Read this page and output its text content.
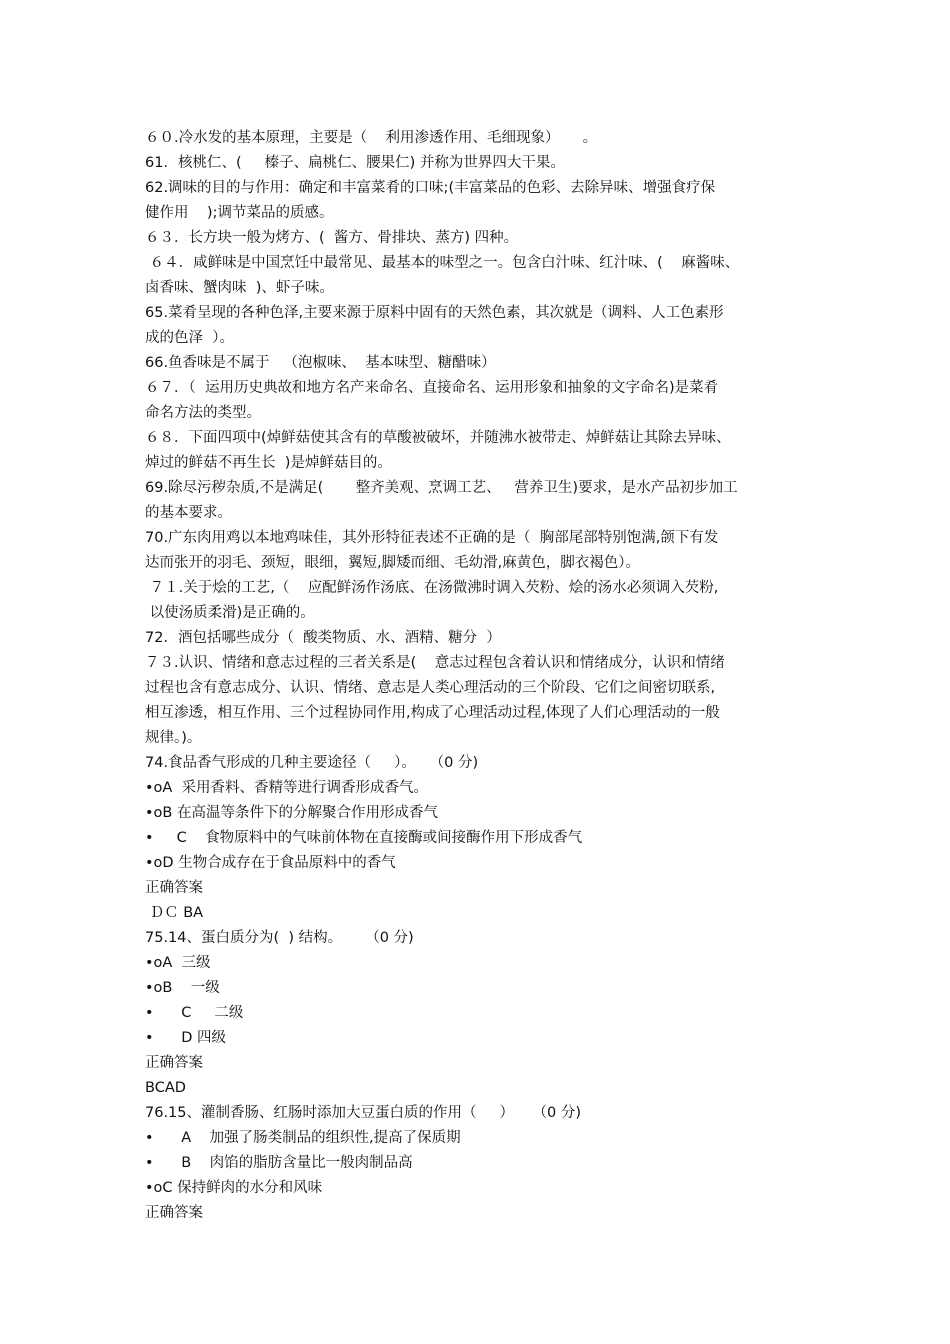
６０.冷水发的基本原理，主要是（    利用渗透作用、毛细现象）     。
61．核桃仁、(     榛子、扁桃仁、腰果仁) 并称为世界四大干果。
62.调味的目的与作用：确定和丰富菜肴的口味;(丰富菜品的色彩、去除异味、增强食疗保
健作用    );调节菜品的质感。
６３．长方块一般为烤方、(  酱方、骨排块、蒸方) 四种。
６４．咸鲜味是中国烹饪中最常见、最基本的味型之一。包含白汁味、红汁味、(    麻酱味、
卤香味、蟹肉味  )、虾子味。
65.菜肴呈现的各种色泽,主要来源于原料中固有的天然色素，其次就是（调料、人工色素形
成的色泽  ）。
66.鱼香味是不属于   （泡椒味、  基本味型、糖醋味）
６７．（  运用历史典故和地方名产来命名、直接命名、运用形象和抽象的文字命名)是菜肴
命名方法的类型。
６８．下面四项中(焯鲜菇使其含有的草酸被破坏，并随沸水被带走、焯鲜菇让其除去异味、
焯过的鲜菇不再生长  )是焯鲜菇目的。
69.除尽污秽杂质,不是满足(       整齐美观、烹调工艺、   营养卫生)要求，是水产品初步加工
的基本要求。
70.广东肉用鸡以本地鸡味佳，其外形特征表述不正确的是（  胸部尾部特别饱满,颌下有发
达而张开的羽毛、颈短，眼细，翼短,脚矮而细、毛幼滑,麻黄色，脚衣褐色）。
７１.关于烩的工艺,（    应配鲜汤作汤底、在汤微沸时调入芡粉、烩的汤水必须调入芡粉,
以使汤质柔滑)是正确的。
72．酒包括哪些成分（  酸类物质、水、酒精、糖分  ）
７３.认识、情绪和意志过程的三者关系是(    意志过程包含着认识和情绪成分，认识和情绪
过程也含有意志成分、认识、情绪、意志是人类心理活动的三个阶段、它们之间密切联系,
相互渗透，相互作用、三个过程协同作用,构成了心理活动过程,体现了人们心理活动的一般
规律。)。
74.食品香气形成的几种主要途径（     ）。   （0 分)
•oA  采用香料、香精等进行调香形成香气。
•oB 在高温等条件下的分解聚合作用形成香气
•     C    食物原料中的气味前体物在直接酶或间接酶作用下形成香气
•oD 生物合成存在于食品原料中的香气
正确答案
ＤＣ BA
75.14、蛋白质分为(  ) 结构。     （0 分)
•oA  三级
•oB    一级
•      C     二级
•      D 四级
正确答案
BCAD
76.15、灌制香肠、红肠时添加大豆蛋白质的作用（     ）    （0 分)
•      A    加强了肠类制品的组织性,提高了保质期
•      B    肉馅的脂肪含量比一般肉制品高
•oC 保持鲜肉的水分和风味
正确答案
